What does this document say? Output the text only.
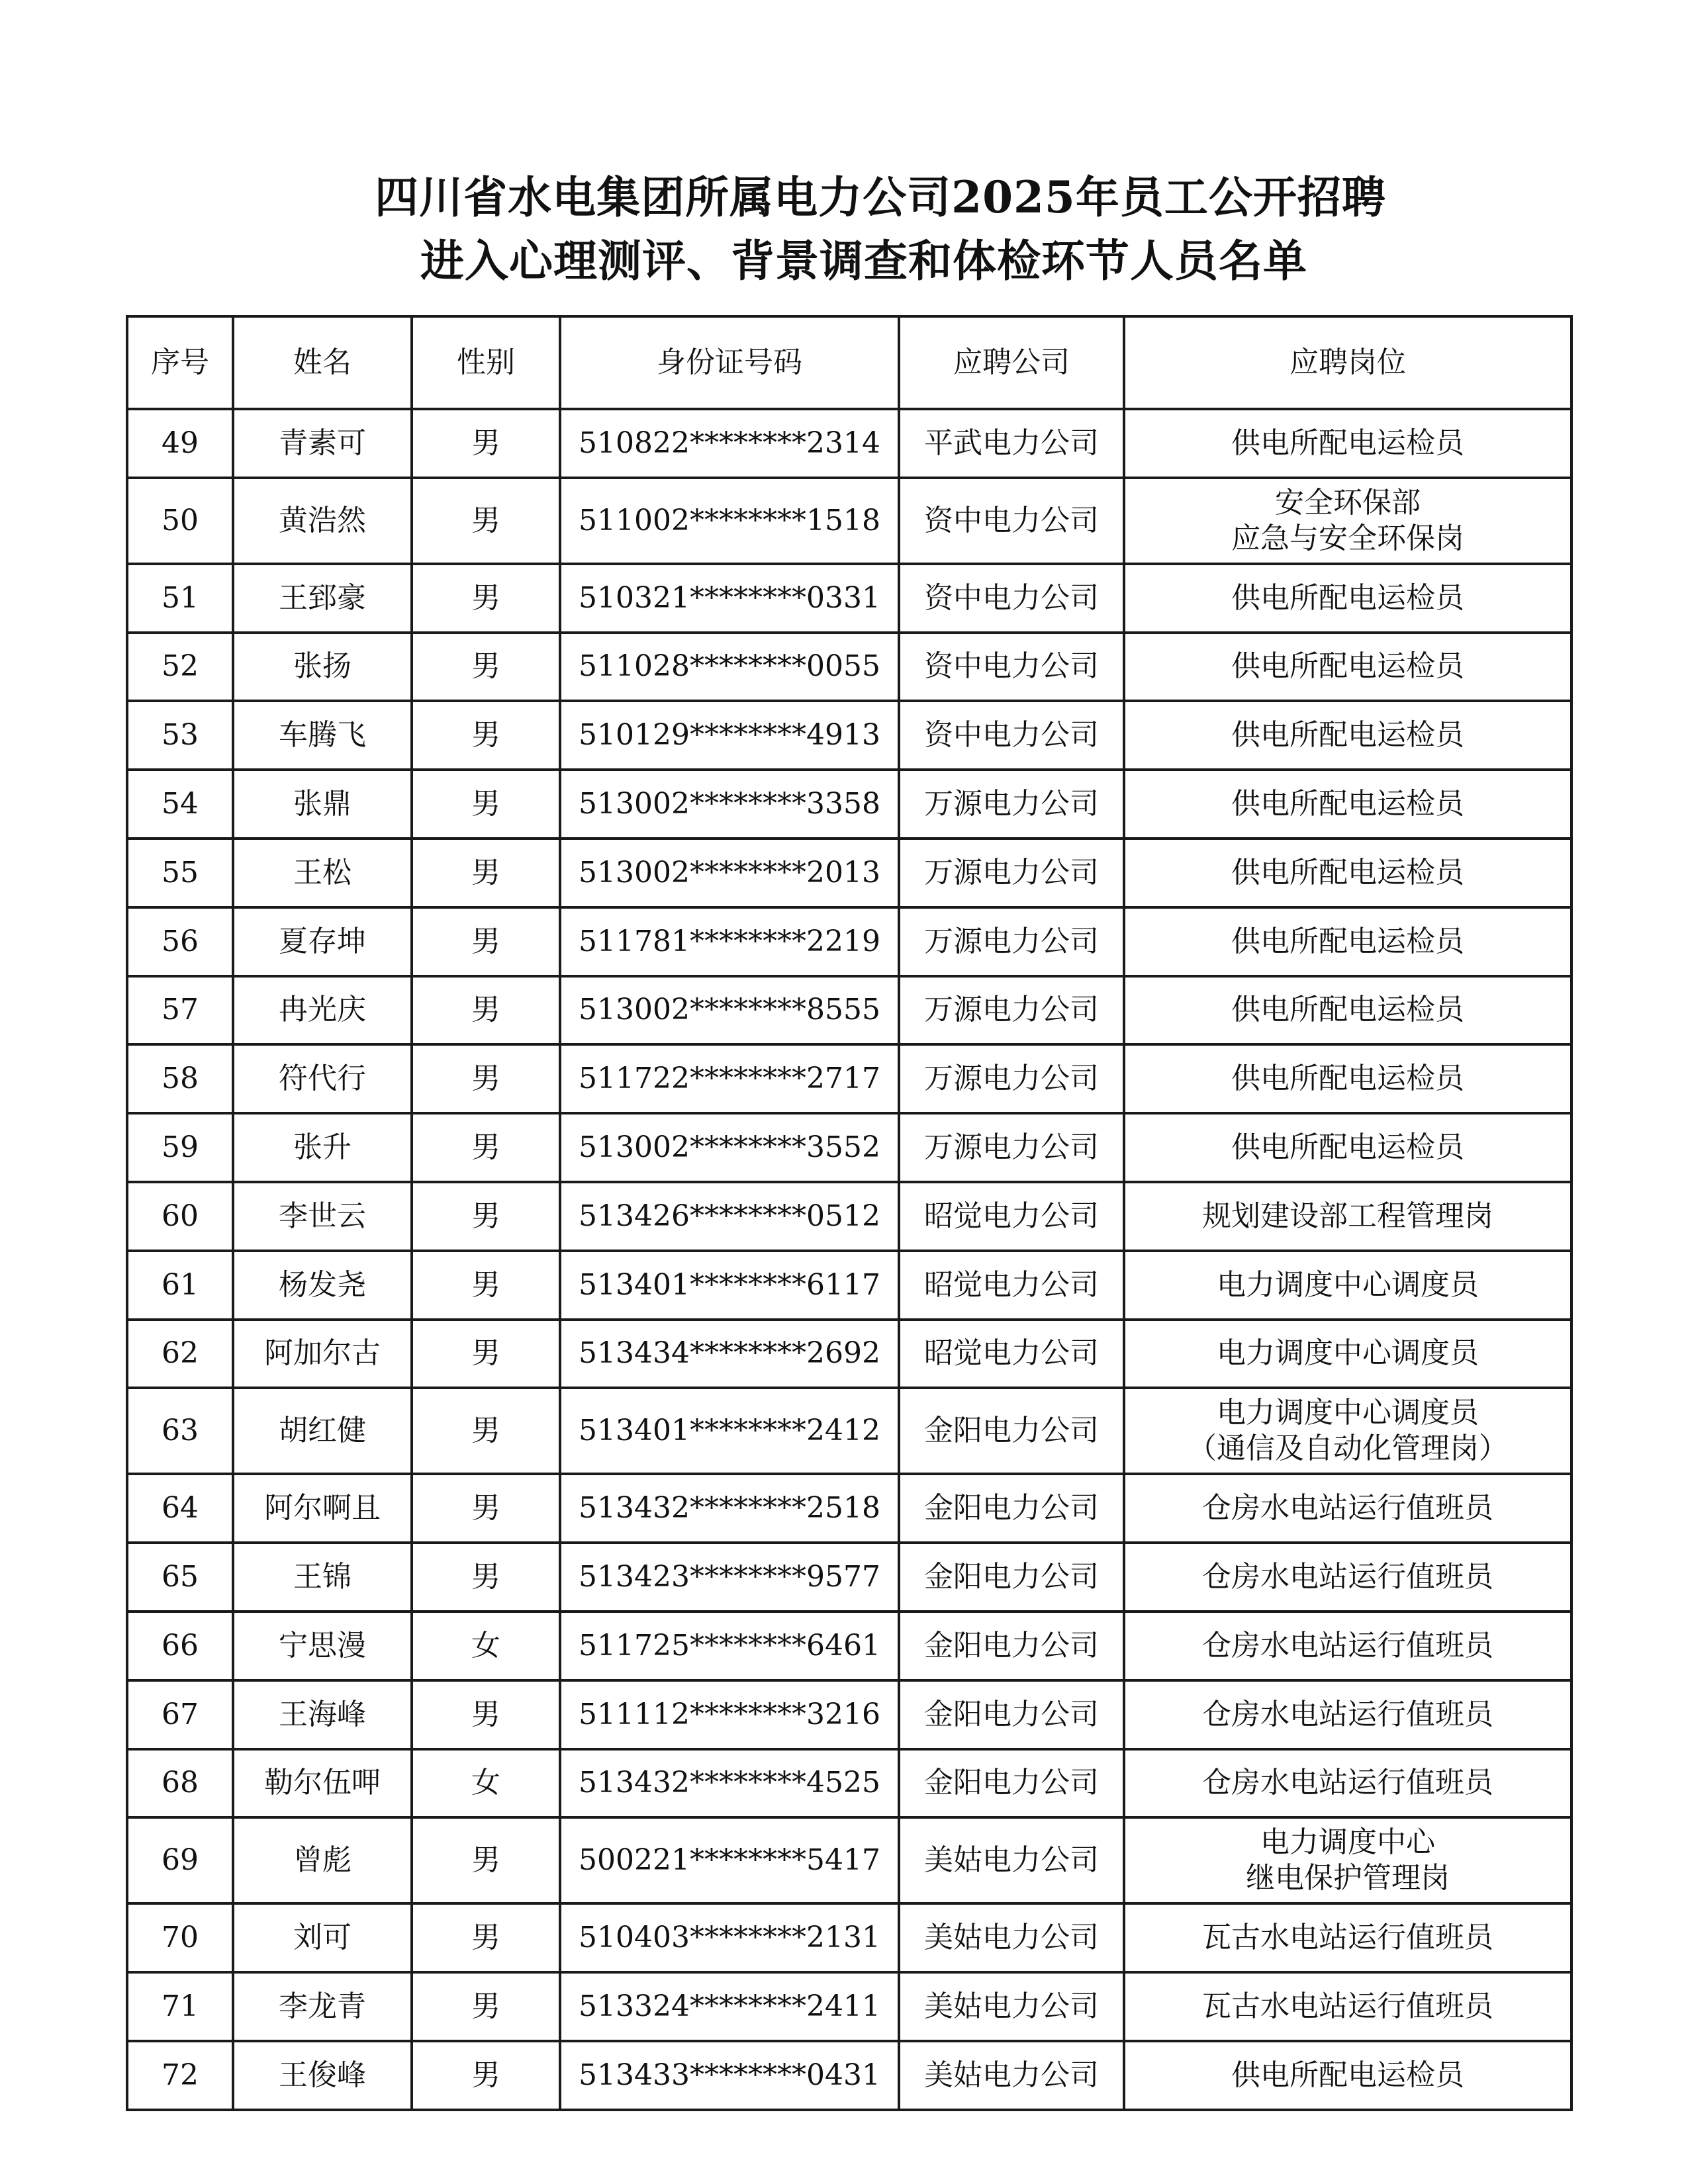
四川省水电集团所属电力公司2025年员工公开招聘
进入心理测评、背景调查和体检环节人员名单
序号	姓名	性别	身份证号码	应聘公司	应聘岗位
49	青素可	男	510822********2314	平武电力公司	供电所配电运检员

50	黄浩然	男	511002********1518	资中电力公司	安全环保部
应急与安全环保岗

51	王郅豪	男	510321********0331	资中电力公司	供电所配电运检员

52	张扬	男	511028********0055	资中电力公司	供电所配电运检员

53	车腾飞	男	510129********4913	资中电力公司	供电所配电运检员

54	张鼎	男	513002********3358	万源电力公司	供电所配电运检员

55	王松	男	513002********2013	万源电力公司	供电所配电运检员

56	夏存坤	男	511781********2219	万源电力公司	供电所配电运检员

57	冉光庆	男	513002********8555	万源电力公司	供电所配电运检员

58	符代行	男	511722********2717	万源电力公司	供电所配电运检员

59	张升	男	513002********3552	万源电力公司	供电所配电运检员

60	李世云	男	513426********0512	昭觉电力公司	规划建设部工程管理岗

61	杨发尧	男	513401********6117	昭觉电力公司	电力调度中心调度员

62	阿加尔古	男	513434********2692	昭觉电力公司	电力调度中心调度员

63	胡红健	男	513401********2412	金阳电力公司	电力调度中心调度员
（通信及自动化管理岗）

64	阿尔啊且	男	513432********2518	金阳电力公司	仓房水电站运行值班员

65	王锦	男	513423********9577	金阳电力公司	仓房水电站运行值班员

66	宁思漫	女	511725********6461	金阳电力公司	仓房水电站运行值班员

67	王海峰	男	511112********3216	金阳电力公司	仓房水电站运行值班员

68	勒尔伍呷	女	513432********4525	金阳电力公司	仓房水电站运行值班员

69	曾彪	男	500221********5417	美姑电力公司	电力调度中心
继电保护管理岗

70	刘可	男	510403********2131	美姑电力公司	瓦古水电站运行值班员

71	李龙青	男	513324********2411	美姑电力公司	瓦古水电站运行值班员

72	王俊峰	男	513433********0431	美姑电力公司	供电所配电运检员
